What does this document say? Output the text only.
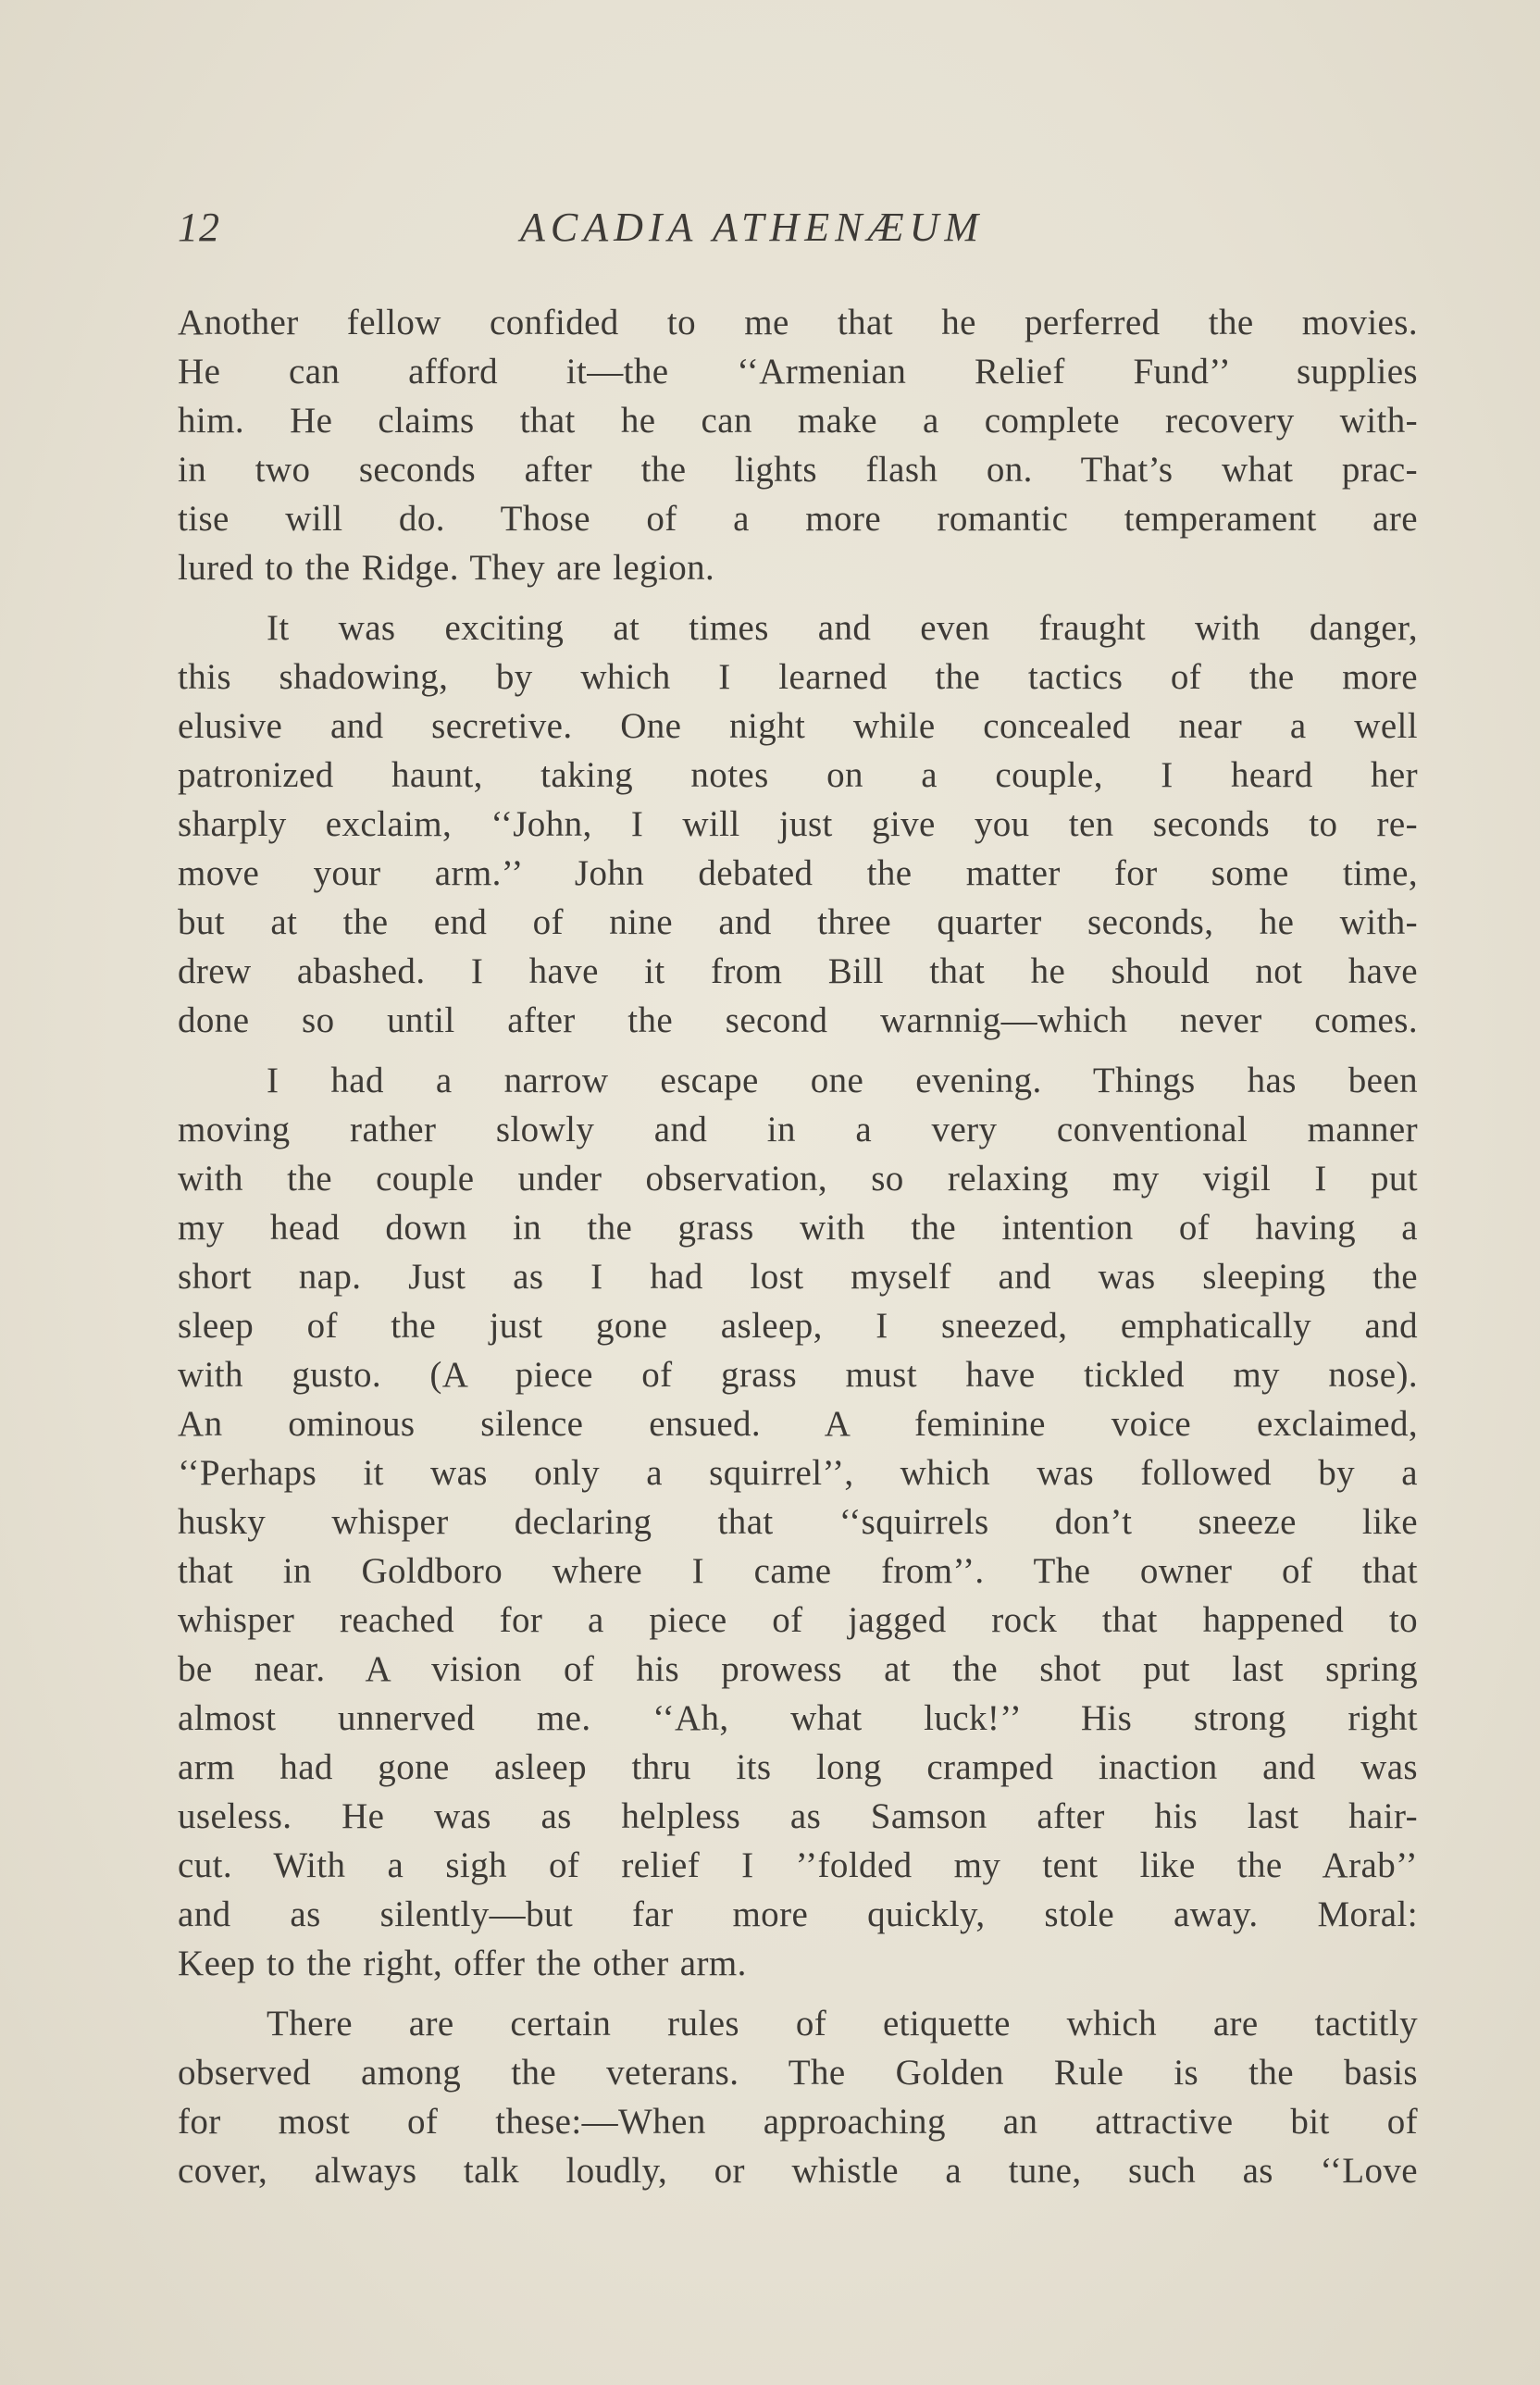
12	ACADIA ATHENÆUM

Another fellow confided to me that he perferred the movies.
He can afford it—the ‘‘Armenian Relief Fund’’ supplies
him. He claims that he can make a complete recovery with-
in two seconds after the lights flash on. That’s what prac-
tise will do. Those of a more romantic temperament are
lured to the Ridge. They are legion.

It was exciting at times and even fraught with danger,
this shadowing, by which I learned the tactics of the more
elusive and secretive. One night while concealed near a well
patronized haunt, taking notes on a couple, I heard her
sharply exclaim, ‘‘John, I will just give you ten seconds to re-
move your arm.’’ John debated the matter for some time,
but at the end of nine and three quarter seconds, he with-
drew abashed. I have it from Bill that he should not have
done so until after the second warnnig—which never comes.

I had a narrow escape one evening. Things has been
moving rather slowly and in a very conventional manner
with the couple under observation, so relaxing my vigil I put
my head down in the grass with the intention of having a
short nap. Just as I had lost myself and was sleeping the
sleep of the just gone asleep, I sneezed, emphatically and
with gusto. (A piece of grass must have tickled my nose).
An ominous silence ensued. A feminine voice exclaimed,
‘‘Perhaps it was only a squirrel’’, which was followed by a
husky whisper declaring that ‘‘squirrels don’t sneeze like
that in Goldboro where I came from’’. The owner of that
whisper reached for a piece of jagged rock that happened to
be near. A vision of his prowess at the shot put last spring
almost unnerved me. ‘‘Ah, what luck!’’ His strong right
arm had gone asleep thru its long cramped inaction and was
useless. He was as helpless as Samson after his last hair-
cut. With a sigh of relief I ’’folded my tent like the Arab’’
and as silently—but far more quickly, stole away. Moral:
Keep to the right, offer the other arm.

There are certain rules of etiquette which are tactitly
observed among the veterans. The Golden Rule is the basis
for most of these:—When approaching an attractive bit of
cover, always talk loudly, or whistle a tune, such as ‘‘Love
